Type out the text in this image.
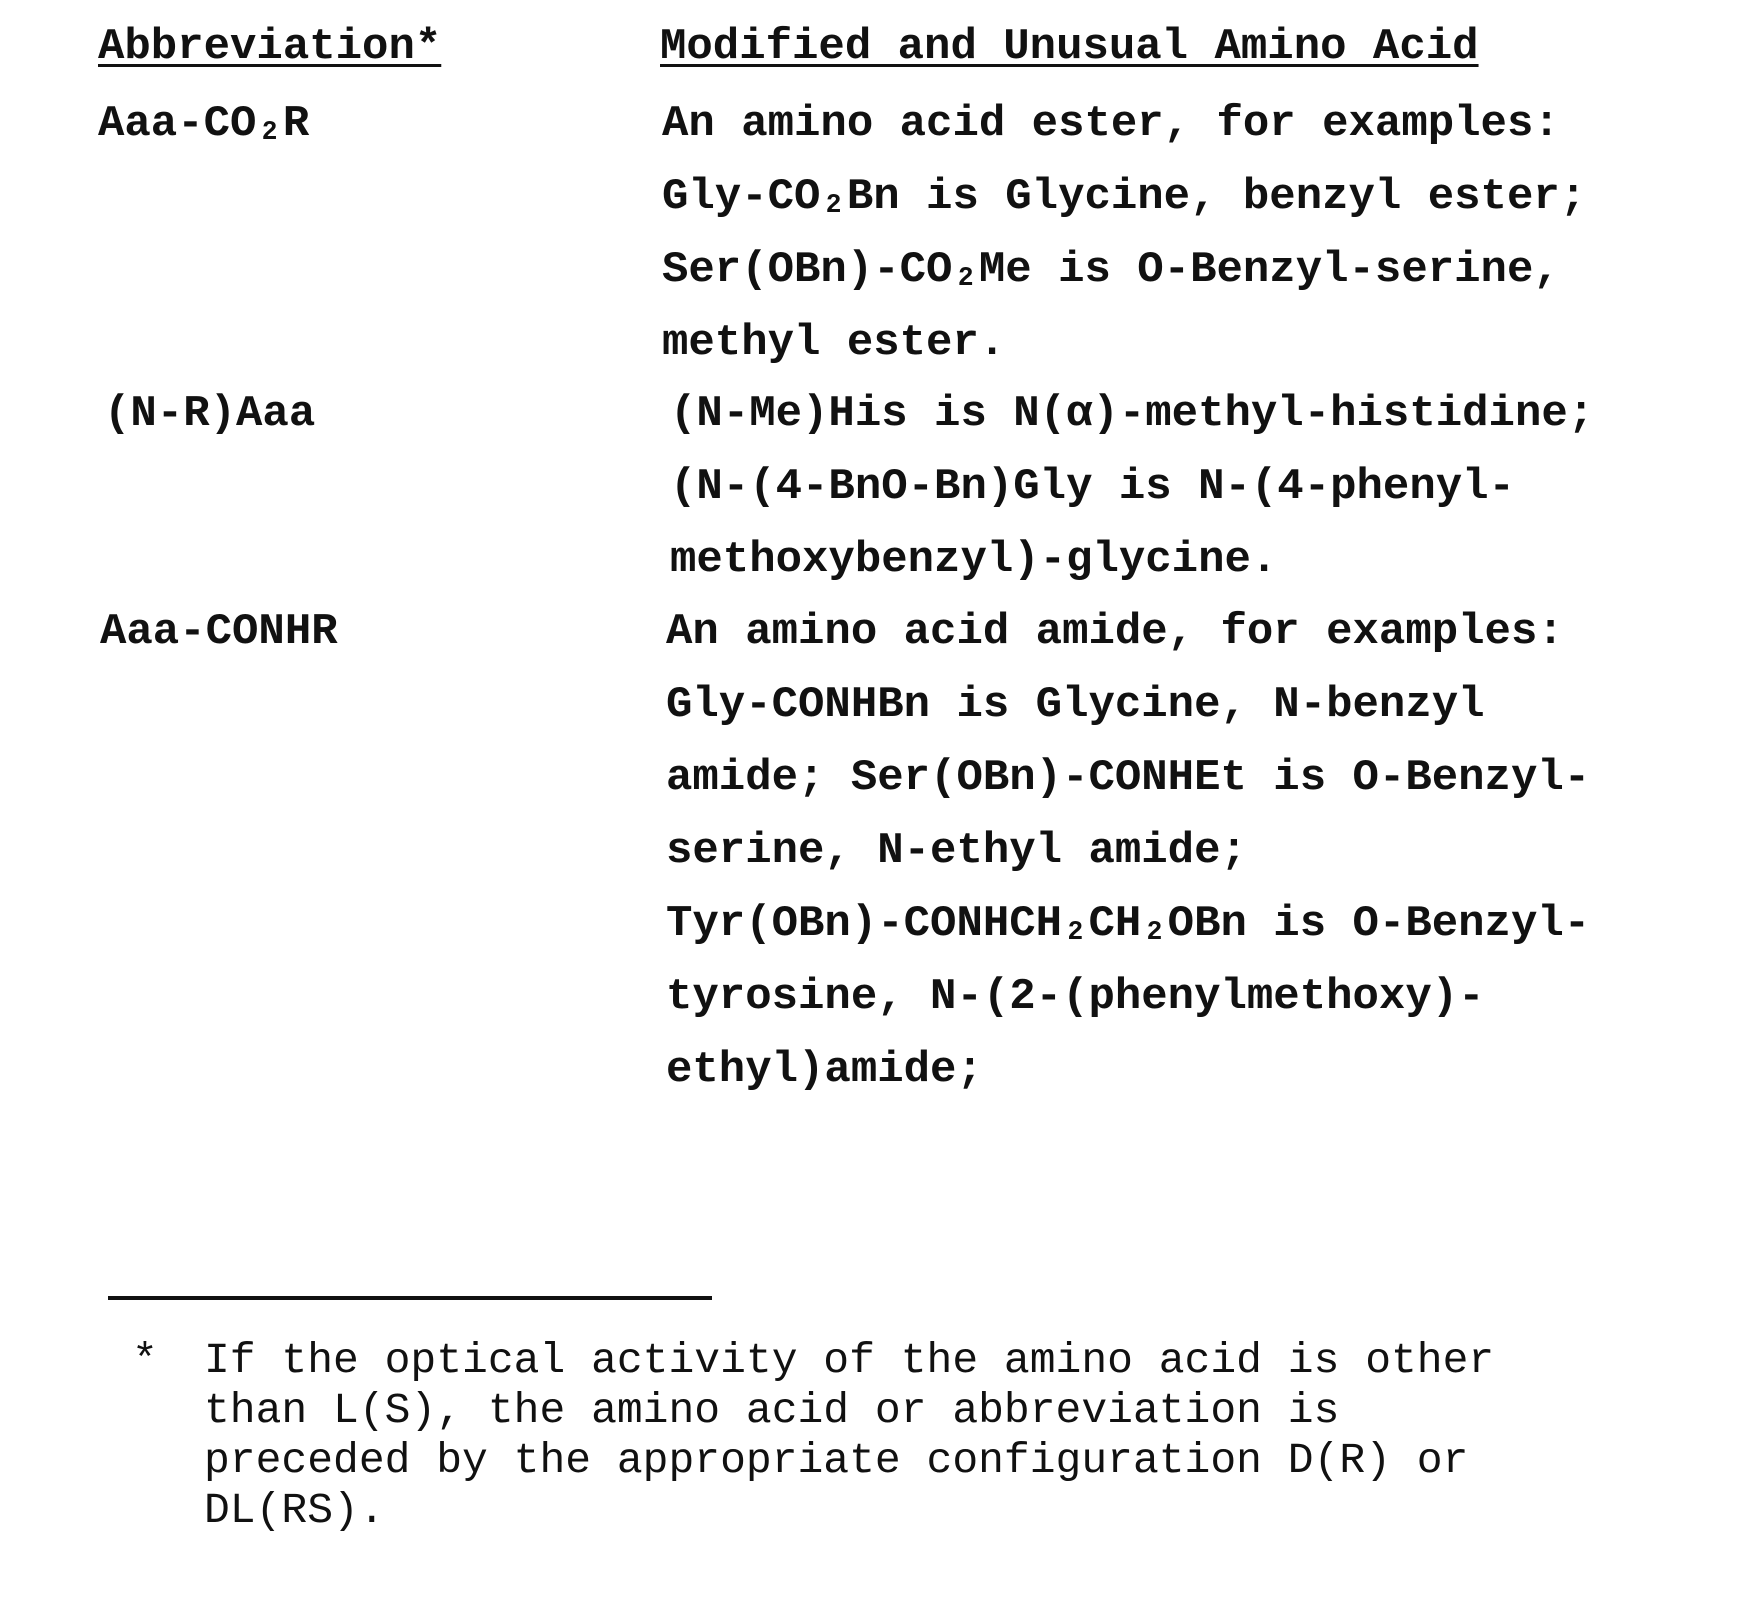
Abbreviation*	Modified and Unusual Amino Acid
Aaa-CO₂R	An amino acid ester, for examples:
Gly-CO₂Bn is Glycine, benzyl ester;
Ser(OBn)-CO₂Me is O-Benzyl-serine,
methyl ester.
(N-R)Aaa	(N-Me)His is N(α)-methyl-histidine;
(N-(4-BnO-Bn)Gly is N-(4-phenyl-
methoxybenzyl)-glycine.
Aaa-CONHR	An amino acid amide, for examples:
Gly-CONHBn is Glycine, N-benzyl
amide; Ser(OBn)-CONHEt is O-Benzyl-
serine, N-ethyl amide;
Tyr(OBn)-CONHCH₂CH₂OBn is O-Benzyl-
tyrosine, N-(2-(phenylmethoxy)-
ethyl)amide;
* If the optical activity of the amino acid is other
than L(S), the amino acid or abbreviation is
preceded by the appropriate configuration D(R) or
DL(RS).
